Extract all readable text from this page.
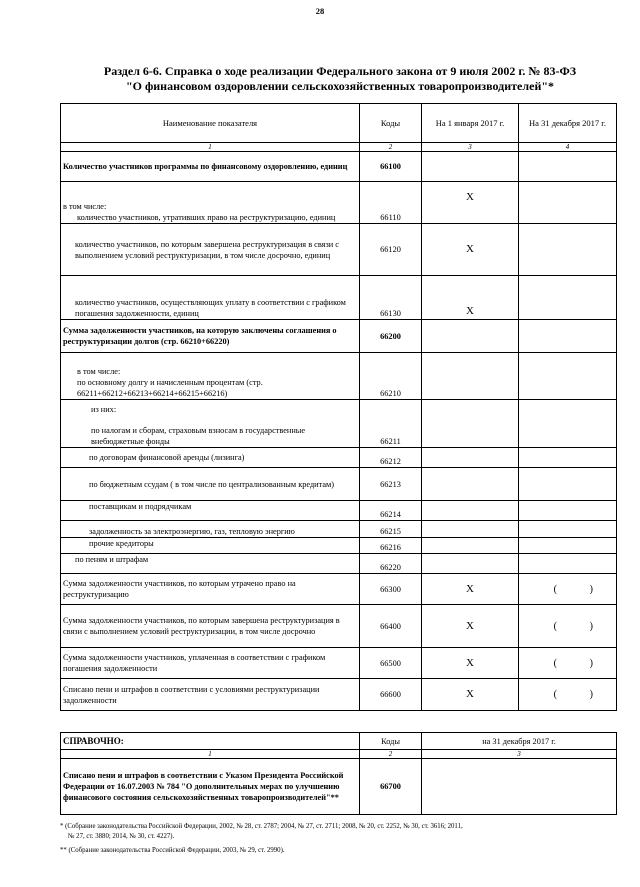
28
Раздел 6-6. Справка о ходе реализации Федерального закона от 9 июля 2002 г. № 83-ФЗ
"О финансовом оздоровлении сельскохозяйственных товаропроизводителей"*
Наименование показателя	Коды	На 1 января 2017 г.	На 31 декабря 2017 г.
1	2	3	4
Количество участников программы по финансовому оздоровлению, единиц	66100		

в том числе:
количество участников, утративших право на реструктуризацию, единиц	66110	X	
количество участников, по которым завершена реструктуризация в связи с выполнением условий реструктуризации, в том числе досрочно, единиц	66120	X	
количество участников, осуществляющих уплату в соответствии с графиком погашения задолженности, единиц	66130	X	
Сумма задолженности участников, на которую заключены соглашения о реструктуризации долгов (стр. 66210+66220)	66200		

в том числе:
по основному долгу и начисленным процентам (стр. 66211+66212+66213+66214+66215+66216)	66210		

из них:
по налогам и сборам, страховым взносам в государственные внебюджетные фонды	66211		
по договорам финансовой аренды (лизинга)	66212		
по бюджетным ссудам ( в том числе по централизованным кредитам)	66213		
поставщикам и подрядчикам	66214		
задолженность за электроэнергию, газ, тепловую энергию	66215		
прочие кредиторы	66216		
по пеням и штрафам	66220		
Сумма задолженности участников, по которым утрачено право на реструктуризацию	66300	X	( )
Сумма задолженности участников, по которым завершена реструктуризация в связи с выполнением условий реструктуризации, в том числе досрочно	66400	X	( )
Сумма задолженности участников, уплаченная в соответствии с графиком погашения задолженности	66500	X	( )
Списано пени и штрафов в соответствии с условиями реструктуризации задолженности	66600	X	( )
СПРАВОЧНО:	Коды	на 31 декабря 2017 г.
1	2	3
Списано пени и штрафов в соответствии с Указом Президента Российской Федерации от 16.07.2003 № 784 "О дополнительных мерах по улучшению финансового состояния сельскохозяйственных товаропроизводителей"**	66700	
* (Собрание законодательства Российской Федерации, 2002, № 28, ст. 2787; 2004, № 27, ст. 2711; 2008, № 20, ст. 2252, № 30, ст. 3616; 2011,
№ 27, ст. 3880; 2014, № 30, ст. 4227).
** (Собрание законодательства Российской Федерации, 2003, № 29, ст. 2990).
